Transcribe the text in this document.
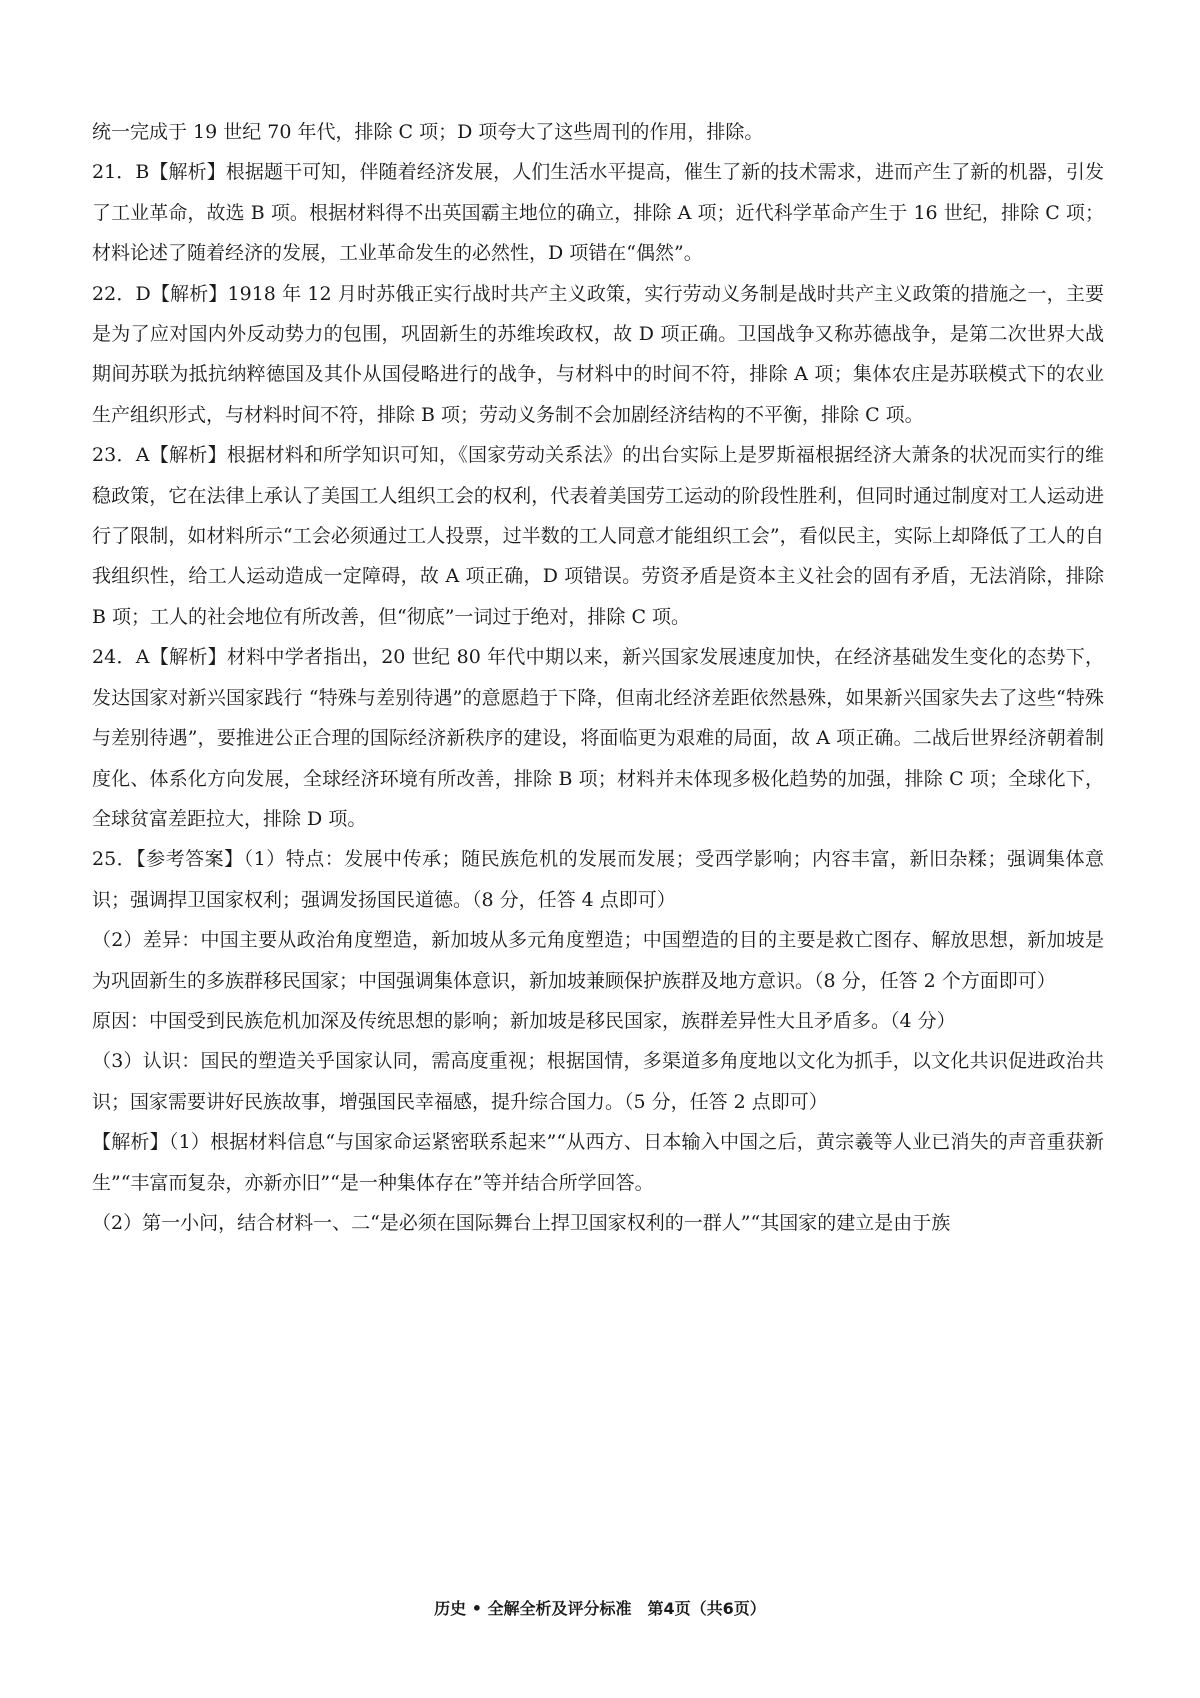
统一完成于 19 世纪 70 年代，排除 C 项；D 项夸大了这些周刊的作用，排除。

21．B【解析】根据题干可知，伴随着经济发展，人们生活水平提高，催生了新的技术需求，进而产生了新的机器，引发了工业革命，故选 B 项。根据材料得不出英国霸主地位的确立，排除 A 项；近代科学革命产生于 16 世纪，排除 C 项；材料论述了随着经济的发展，工业革命发生的必然性，D 项错在“偶然”。

22．D【解析】1918 年 12 月时苏俄正实行战时共产主义政策，实行劳动义务制是战时共产主义政策的措施之一，主要是为了应对国内外反动势力的包围，巩固新生的苏维埃政权，故 D 项正确。卫国战争又称苏德战争，是第二次世界大战期间苏联为抵抗纳粹德国及其仆从国侵略进行的战争，与材料中的时间不符，排除 A 项；集体农庄是苏联模式下的农业生产组织形式，与材料时间不符，排除 B 项；劳动义务制不会加剧经济结构的不平衡，排除 C 项。

23．A【解析】根据材料和所学知识可知，《国家劳动关系法》的出台实际上是罗斯福根据经济大萧条的状况而实行的维稳政策，它在法律上承认了美国工人组织工会的权利，代表着美国劳工运动的阶段性胜利，但同时通过制度对工人运动进行了限制，如材料所示“工会必须通过工人投票，过半数的工人同意才能组织工会”，看似民主，实际上却降低了工人的自我组织性，给工人运动造成一定障碍，故 A 项正确，D 项错误。劳资矛盾是资本主义社会的固有矛盾，无法消除，排除 B 项；工人的社会地位有所改善，但“彻底”一词过于绝对，排除 C 项。

24．A【解析】材料中学者指出，20 世纪 80 年代中期以来，新兴国家发展速度加快，在经济基础发生变化的态势下，发达国家对新兴国家践行 “特殊与差别待遇”的意愿趋于下降，但南北经济差距依然悬殊，如果新兴国家失去了这些“特殊与差别待遇”，要推进公正合理的国际经济新秩序的建设，将面临更为艰难的局面，故 A 项正确。二战后世界经济朝着制度化、体系化方向发展，全球经济环境有所改善，排除 B 项；材料并未体现多极化趋势的加强，排除 C 项；全球化下，全球贫富差距拉大，排除 D 项。

25．【参考答案】（1）特点：发展中传承；随民族危机的发展而发展；受西学影响；内容丰富，新旧杂糅；强调集体意识；强调捍卫国家权利；强调发扬国民道德。（8 分，任答 4 点即可）

（2）差异：中国主要从政治角度塑造，新加坡从多元角度塑造；中国塑造的目的主要是救亡图存、解放思想，新加坡是为巩固新生的多族群移民国家；中国强调集体意识，新加坡兼顾保护族群及地方意识。（8 分，任答 2 个方面即可）

原因：中国受到民族危机加深及传统思想的影响；新加坡是移民国家，族群差异性大且矛盾多。（4 分）

（3）认识：国民的塑造关乎国家认同，需高度重视；根据国情，多渠道多角度地以文化为抓手，以文化共识促进政治共识；国家需要讲好民族故事，增强国民幸福感，提升综合国力。（5 分，任答 2 点即可）

【解析】（1）根据材料信息“与国家命运紧密联系起来”“从西方、日本输入中国之后，黄宗羲等人业已消失的声音重获新生”“丰富而复杂，亦新亦旧”“是一种集体存在”等并结合所学回答。

（2）第一小问，结合材料一、二“是必须在国际舞台上捍卫国家权利的一群人”“其国家的建立是由于族

历史 • 全解全析及评分标准　第4页（共6页）
